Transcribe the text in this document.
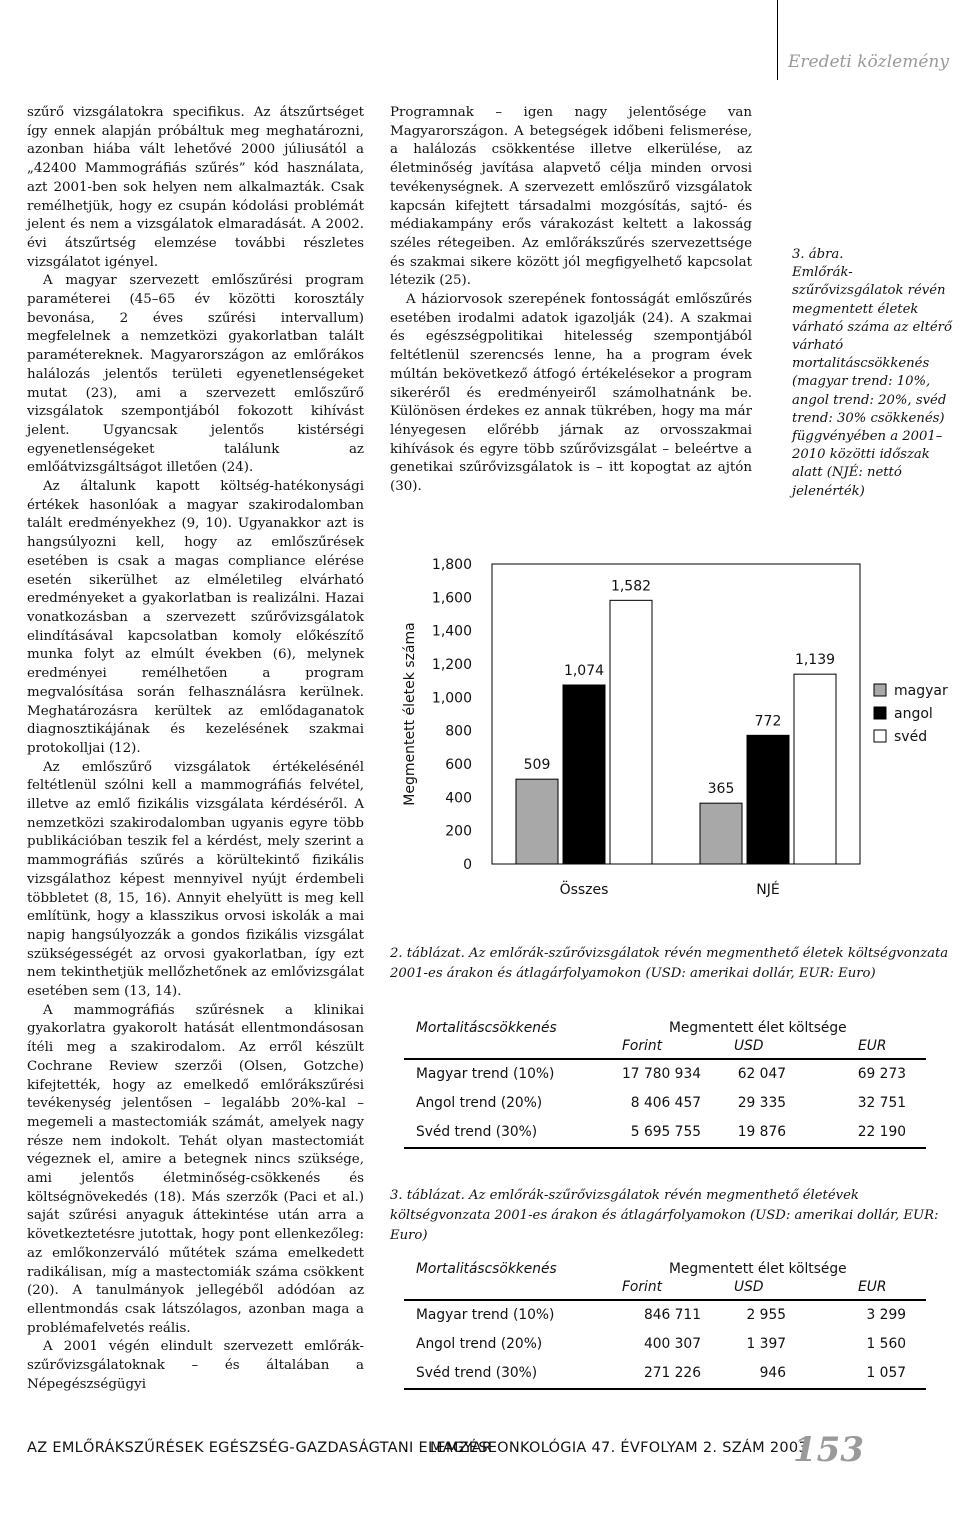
Eredeti közlemény

szűrő vizsgálatokra specifikus. Az átszűrtséget így ennek alapján próbáltuk meg meghatározni, azonban hiába vált lehetővé 2000 júliusától a „42400 Mammográfiás szűrés” kód használata, azt 2001-ben sok helyen nem alkalmazták. Csak remélhetjük, hogy ez csupán kódolási problémát jelent és nem a vizsgálatok elmaradását. A 2002. évi átszűrtség elemzése további részletes vizsgálatot igényel.

A magyar szervezett emlőszűrési program paraméterei (45–65 év közötti korosztály bevonása, 2 éves szűrési intervallum) megfelelnek a nemzetközi gyakorlatban talált paramétereknek. Magyarországon az emlőrákos halálozás jelentős területi egyenetlenségeket mutat (23), ami a szervezett emlőszűrő vizsgálatok szempontjából fokozott kihívást jelent. Ugyancsak jelentős kistérségi egyenetlenségeket találunk az emlőátvizsgáltságot illetően (24).

Az általunk kapott költség-hatékonysági értékek hasonlóak a magyar szakirodalomban talált eredményekhez (9, 10). Ugyanakkor azt is hangsúlyozni kell, hogy az emlőszűrések esetében is csak a magas compliance elérése esetén sikerülhet az elméletileg elvárható eredményeket a gyakorlatban is realizálni. Hazai vonatkozásban a szervezett szűrővizsgálatok elindításával kapcsolatban komoly előkészítő munka folyt az elmúlt években (6), melynek eredményei remélhetően a program megvalósítása során felhasználásra kerülnek. Meghatározásra kerültek az emlődaganatok diagnosztikájának és kezelésének szakmai protokolljai (12).

Az emlőszűrő vizsgálatok értékelésénél feltétlenül szólni kell a mammográfiás felvétel, illetve az emlő fizikális vizsgálata kérdéséről. A nemzetközi szakirodalomban ugyanis egyre több publikációban teszik fel a kérdést, mely szerint a mammográfiás szűrés a körültekintő fizikális vizsgálathoz képest mennyivel nyújt érdembeli többletet (8, 15, 16). Annyit ehelyütt is meg kell említünk, hogy a klasszikus orvosi iskolák a mai napig hangsúlyozzák a gondos fizikális vizsgálat szükségességét az orvosi gyakorlatban, így ezt nem tekinthetjük mellőzhetőnek az emlővizsgálat esetében sem (13, 14).

A mammográfiás szűrésnek a klinikai gyakorlatra gyakorolt hatását ellentmondásosan ítéli meg a szakirodalom. Az erről készült Cochrane Review szerzői (Olsen, Gotzche) kifejtették, hogy az emelkedő emlőrákszűrési tevékenység jelentősen – legalább 20%-kal – megemeli a mastectomiák számát, amelyek nagy része nem indokolt. Tehát olyan mastectomiát végeznek el, amire a betegnek nincs szüksége, ami jelentős életminőség-csökkenés és költségnövekedés (18). Más szerzők (Paci et al.) saját szűrési anyaguk áttekintése után arra a következtetésre jutottak, hogy pont ellenkezőleg: az emlőkonzerváló műtétek száma emelkedett radikálisan, míg a mastectomiák száma csökkent (20). A tanulmányok jellegéből adódóan az ellentmondás csak látszólagos, azonban maga a problémafelvetés reális.

A 2001 végén elindult szervezett emlőrák-szűrővizsgálatoknak – és általában a Népegészségügyi

Programnak – igen nagy jelentősége van Magyarországon. A betegségek időbeni felismerése, a halálozás csökkentése illetve elkerülése, az életminőség javítása alapvető célja minden orvosi tevékenységnek. A szervezett emlőszűrő vizsgálatok kapcsán kifejtett társadalmi mozgósítás, sajtó- és médiakampány erős várakozást keltett a lakosság széles rétegeiben. Az emlőrákszűrés szervezettsége és szakmai sikere között jól megfigyelhető kapcsolat létezik (25).

A háziorvosok szerepének fontosságát emlőszűrés esetében irodalmi adatok igazolják (24). A szakmai és egészségpolitikai hitelesség szempontjából feltétlenül szerencsés lenne, ha a program évek múltán bekövetkező átfogó értékelésekor a program sikeréről és eredményeiről számolhatnánk be. Különösen érdekes ez annak tükrében, hogy ma már lényegesen előrébb járnak az orvosszakmai kihívások és egyre több szűrővizsgálat – beleértve a genetikai szűrővizsgálatok is – itt kopogtat az ajtón (30).

3. ábra.
Emlőrák-szűrővizsgálatok révén megmentett életek várható száma az eltérő várható mortalitáscsökkenés (magyar trend: 10%, angol trend: 20%, svéd trend: 30% csökkenés) függvényében a 2001–2010 közötti időszak alatt (NJÉ: nettó jelenérték)
0
200
400
600
800
1,000
1,200
1,400
1,600
1,800
Megmentett életek száma	509
1,074
1,582
Összes
365
772
1,139
NJÉ
magyar
angol
svéd
2. táblázat. Az emlőrák-szűrővizsgálatok révén megmenthető életek költségvonzata 2001-es árakon és átlagárfolyamokon (USD: amerikai dollár, EUR: Euro)
Mortalitáscsökkenés	Megmentett élet költsége
Forint	USD	EUR
Magyar trend (10%)	17 780 934	62 047	69 273
Angol trend (20%)	8 406 457	29 335	32 751
Svéd trend (30%)	5 695 755	19 876	22 190
3. táblázat. Az emlőrák-szűrővizsgálatok révén megmenthető életévek költségvonzata 2001-es árakon és átlagárfolyamokon (USD: amerikai dollár, EUR: Euro)
Mortalitáscsökkenés	Megmentett élet költsége
Forint	USD	EUR
Magyar trend (10%)	846 711	2 955	3 299
Angol trend (20%)	400 307	1 397	1 560
Svéd trend (30%)	271 226	946	1 057
AZ EMLŐRÁKSZŰRÉSEK EGÉSZSÉG-GAZDASÁGTANI ELEMZÉSE
MAGYAR ONKOLÓGIA 47. ÉVFOLYAM 2. SZÁM 2003
153
